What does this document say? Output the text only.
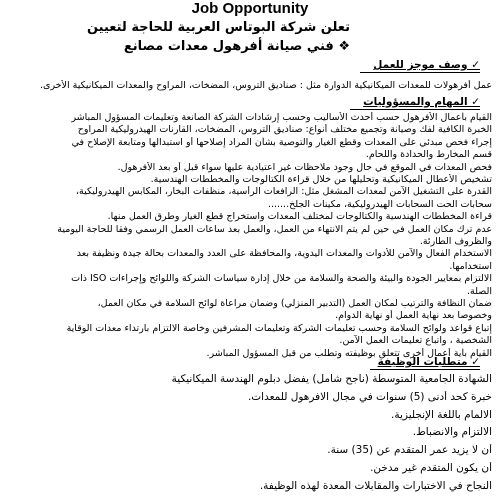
Job Opportunity
تعلن شركة البوتاس العربية للحاجة لتعيين
❖ فني صيانة أفرهول معدات مصانع
✓ وصف موجز للعمل
عمل أفرهولات للمعدات الميكانيكية الدوارة مثل : صناديق التروس، المضخات، المراوح والمعدات الميكانيكية الأخرى.
✓ المهام والمسؤوليات
القيام بأعمال الأفرهول حسب أحدث الأساليب وحسب إرشادات الشركة الصانعة وتعليمات المسؤول المباشر
الخبرة الكافية لفك وصيانة وتجميع مختلف أنواع: صناديق التروس، المضخات، القارنات الهيدروليكية المراوح
إجراء فحص مبدئي على المعدات وقطع الغيار والتوصية بشأن المراد إصلاحها أو استبدالها ومتابعة الإصلاح في
قسم المخارط والحدادة واللحام.
فحص المعدات في الموقع في حال وجود ملاحظات غير اعتيادية عليها سواء قبل أو بعد الأفرهول.
تشخيص الأعطال الميكانيكية وتحليلها من خلال قراءة الكتالوجات والمخططات الهندسية.
القدرة على التشغيل الآمن لمعدات المشغل مثل: الرافعات الرأسية، منظفات البخار، المكابس الهيدروليكية،
سحابات الحت السحابات الهيدروليكية، مكينات الجلخ.......
قراءة المخططات الهندسية والكتالوجات لمختلف المعدات واستخراج قطع الغيار وطرق العمل منها.
عدم ترك مكان العمل في حين لم يتم الانتهاء من العمل، والعمل بعد ساعات العمل الرسمي وفقا للحاجة اليومية
والظروف الطارئة.
الاستخدام الفعال والآمن للأدوات والمعدات اليدوية، والمحافظة على العدد والمعدات بحالة جيدة ونظيفة بعد
استخدامها.
الالتزام بمعايير الجودة والبيئة والصحة والسلامة من خلال إدارة سياسات الشركة واللوائح وإجراءات ISO ذات
الصلة.
ضمان النظافة والترتيب لمكان العمل (التدبير المنزلي) وضمان مراعاة لوائح السلامة في مكان العمل،
وخصوصا بعد نهاية العمل أو نهاية الدوام.
إتباع قواعد ولوائح السلامة وحسب تعليمات الشركة وتعليمات المشرفين وخاصة الالتزام بارتداء معدات الوقاية
الشخصية ، واتباع تعليمات العمل الآمن.
القيام بأية أعمال أخرى تتعلق بوظيفته وتطلب من قبل المسؤول المباشر.
✓ متطلبات الوظيفة
الشهادة الجامعية المتوسطة (ناجح شامل) يفضل دبلوم الهندسة الميكانيكية
خبرة كحد أدنى (5) سنوات في مجال الافرهول للمعدات.
الالمام باللغة الإنجليزية.
الالتزام والانضباط.
أن لا يزيد عمر المتقدم عن (35) سنة.
أن يكون المتقدم غير مدخن.
النجاح في الاختبارات والمقابلات المعدة لهذه الوظيفة.
